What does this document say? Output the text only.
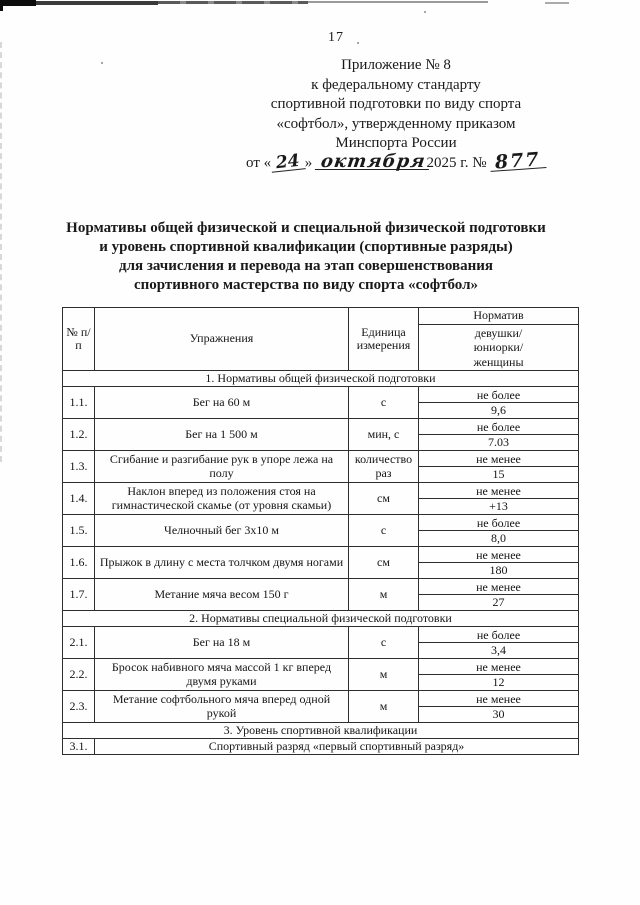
17
Приложение № 8
к федеральному стандарту
спортивной подготовки по виду спорта
«софтбол», утвержденному приказом
Минспорта России
от « 24 » октября2025 г. № 877
Нормативы общей физической и специальной физической подготовки
и уровень спортивной квалификации (спортивные разряды)
для зачисления и перевода на этап совершенствования
спортивного мастерства по виду спорта «софтбол»
№ п/п	Упражнения	Единица измерения	Норматив

			девушки/
юниорки/
женщины

1. Нормативы общей физической подготовки			
1.1.	Бег на 60 м	с	не более
9,6

1.2.	Бег на 1 500 м	мин, с	не более
7.03

1.3.	Сгибание и разгибание рук в упоре лежа на полу	количество раз	не менее
15

1.4.	Наклон вперед из положения стоя на гимнастической скамье (от уровня скамьи)	см	не менее
+13

1.5.	Челночный бег 3х10 м	с	не более
8,0

1.6.	Прыжок в длину с места толчком двумя ногами	см	не менее
180

1.7.	Метание мяча весом 150 г	м	не менее
27

2. Нормативы специальной физической подготовки			
2.1.	Бег на 18 м	с	не более
3,4

2.2.	Бросок набивного мяча массой 1 кг вперед двумя руками	м	не менее
12

2.3.	Метание софтбольного мяча вперед одной рукой	м	не менее
30

3. Уровень спортивной квалификации			
3.1.	Спортивный разряд «первый спортивный разряд»		
